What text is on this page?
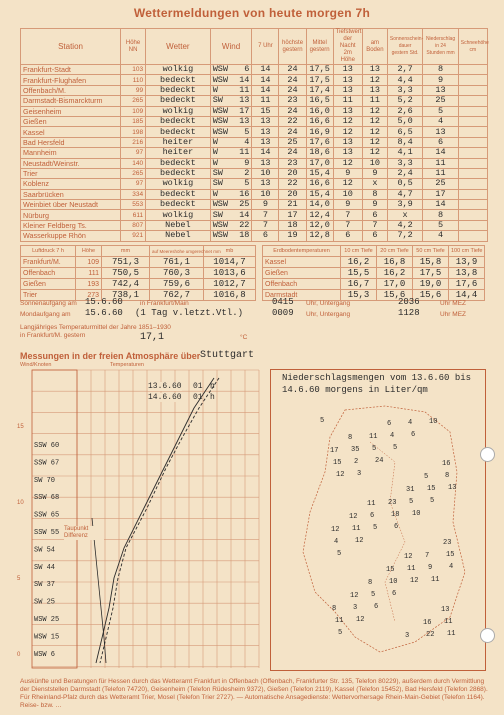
Wettermeldungen von heute morgen 7h
Station	Höhe NN	Wetter	Wind	7 Uhr	höchste gestern	Mittel gestern	Tiefstwert der Nacht 2m Höhe	am Boden	Sonnenschein-dauer gestern Std.	Niederschlag in 24 Stunden mm	Schneehöhe cm
Frankfurt-Stadt	103	wolkig	WSW 6	14	24	17,5	13	13	2,7	8	
Frankfurt-Flughafen	110	bedeckt	WSW 14	14	24	17,5	13	12	4,4	9	
Offenbach/M.	99	bedeckt	W 11	14	24	17,4	13	13	3,3	13	
Darmstadt-Bismarckturm	265	bedeckt	SW 13	11	23	16,5	11	11	5,2	25	
Geisenheim	109	wolkig	WSW 17	15	24	16,0	13	12	2,6	5	
Gießen	185	bedeckt	WSW 13	13	22	16,6	12	12	5,0	4	
Kassel	198	bedeckt	WSW 5	13	24	16,9	12	12	6,5	13	
Bad Hersfeld	216	heiter	W 4	13	25	17,6	13	12	8,4	6	
Mannheim	97	heiter	W 11	14	24	18,6	13	12	4,1	14	
Neustadt/Weinstr.	140	bedeckt	W 9	13	23	17,0	12	10	3,3	11	
Trier	265	bedeckt	SW 2	10	20	15,4	9	9	2,4	11	
Koblenz	97	wolkig	SW 5	13	22	16,6	12	x	0,5	25	
Saarbrücken	334	bedeckt	W 16	10	20	15,4	10	8	4,7	17	
Weinbiet über Neustadt	553	bedeckt	WSW 25	9	21	14,0	9	9	3,9	14	
Nürburg	611	wolkig	SW 14	7	17	12,4	7	6	x	8	
Kleiner Feldberg Ts.	807	Nebel	WSW 22	7	18	12,0	7	7	4,2	5	
Wasserkuppe Rhön	921	Nebel	WSW 18	6	19	12,8	6	6	7,2	4	
Luftdruck 7 h	Höhe	mm	auf Meereshöhe umgerechnet mm	mb
Frankfurt/M.	109	751,3	761,1	1014,7
Offenbach	111	750,5	760,3	1013,6
Gießen	193	742,4	759,6	1012,7
Trier	273	738,1	762,7	1016,8
Erdbodentemperaturen	10 cm Tiefe	20 cm Tiefe	50 cm Tiefe	100 cm Tiefe
Kassel	16,2	16,8	15,8	13,9
Gießen	15,5	16,2	17,5	13,8
Offenbach	16,7	17,0	19,0	17,6
Darmstadt	15,3	15,6	15,6	14,4
Sonnenaufgang am 15.6.60	in Frankfurt/Main	0415 Uhr, Untergang	2036	Uhr MEZ
Mondaufgang am 15.6.60 (1 Tag v.letzt.Vtl.)	0009 Uhr, Untergang	1128	Uhr MEZ
Langjähriges Temperaturmittel der Jahre 1851–1930 in Frankfurt/M. gestern	17,1	°C
Messungen in der freien Atmosphäre über Stuttgart
Wind/Knoten	Temperaturen
15
10
5
0
SSW 60
SSW 67
SW 70
SSW 68
SSW 65
SSW 55
SW 54
SW 44
SW 37
SW 25
WSW 25
WSW 15
WSW 6
13.6.60 01 h
14.6.60 01 h
Taupunkt Differenz
Niederschlagsmengen vom 13.6.60 bis 14.6.60 morgens in Liter/qm
5
3
6
11
5
24
10
4
12
5
5
5
6
6
13
12
6
10
12
5
12
11
2
18
9
11
5
5
15
3
4
15
4
5
4
8
11
10
22
15
6
11
11
35
23
7
8
11
31
23
12
6
5
12
8
3
16
12
15
16
17
11
12
13
8
Auskünfte und Beratungen für Hessen durch das Wetteramt Frankfurt in Offenbach (Offenbach, Frankfurter Str. 135, Telefon 80229), außerdem durch Vermittlung der Dienststellen Darmstadt (Telefon 74720), Geisenheim (Telefon Rüdesheim 9372), Gießen (Telefon 2119), Kassel (Telefon 15452), Bad Hersfeld (Telefon 2868). Für Rheinland-Pfalz durch das Wetteramt Trier, Mosel (Telefon Trier 2727). — Automatische Ansagedienste: Wettervorhersage Rhein-Main-Gebiet (Telefon 1164). Reise- bzw. …
